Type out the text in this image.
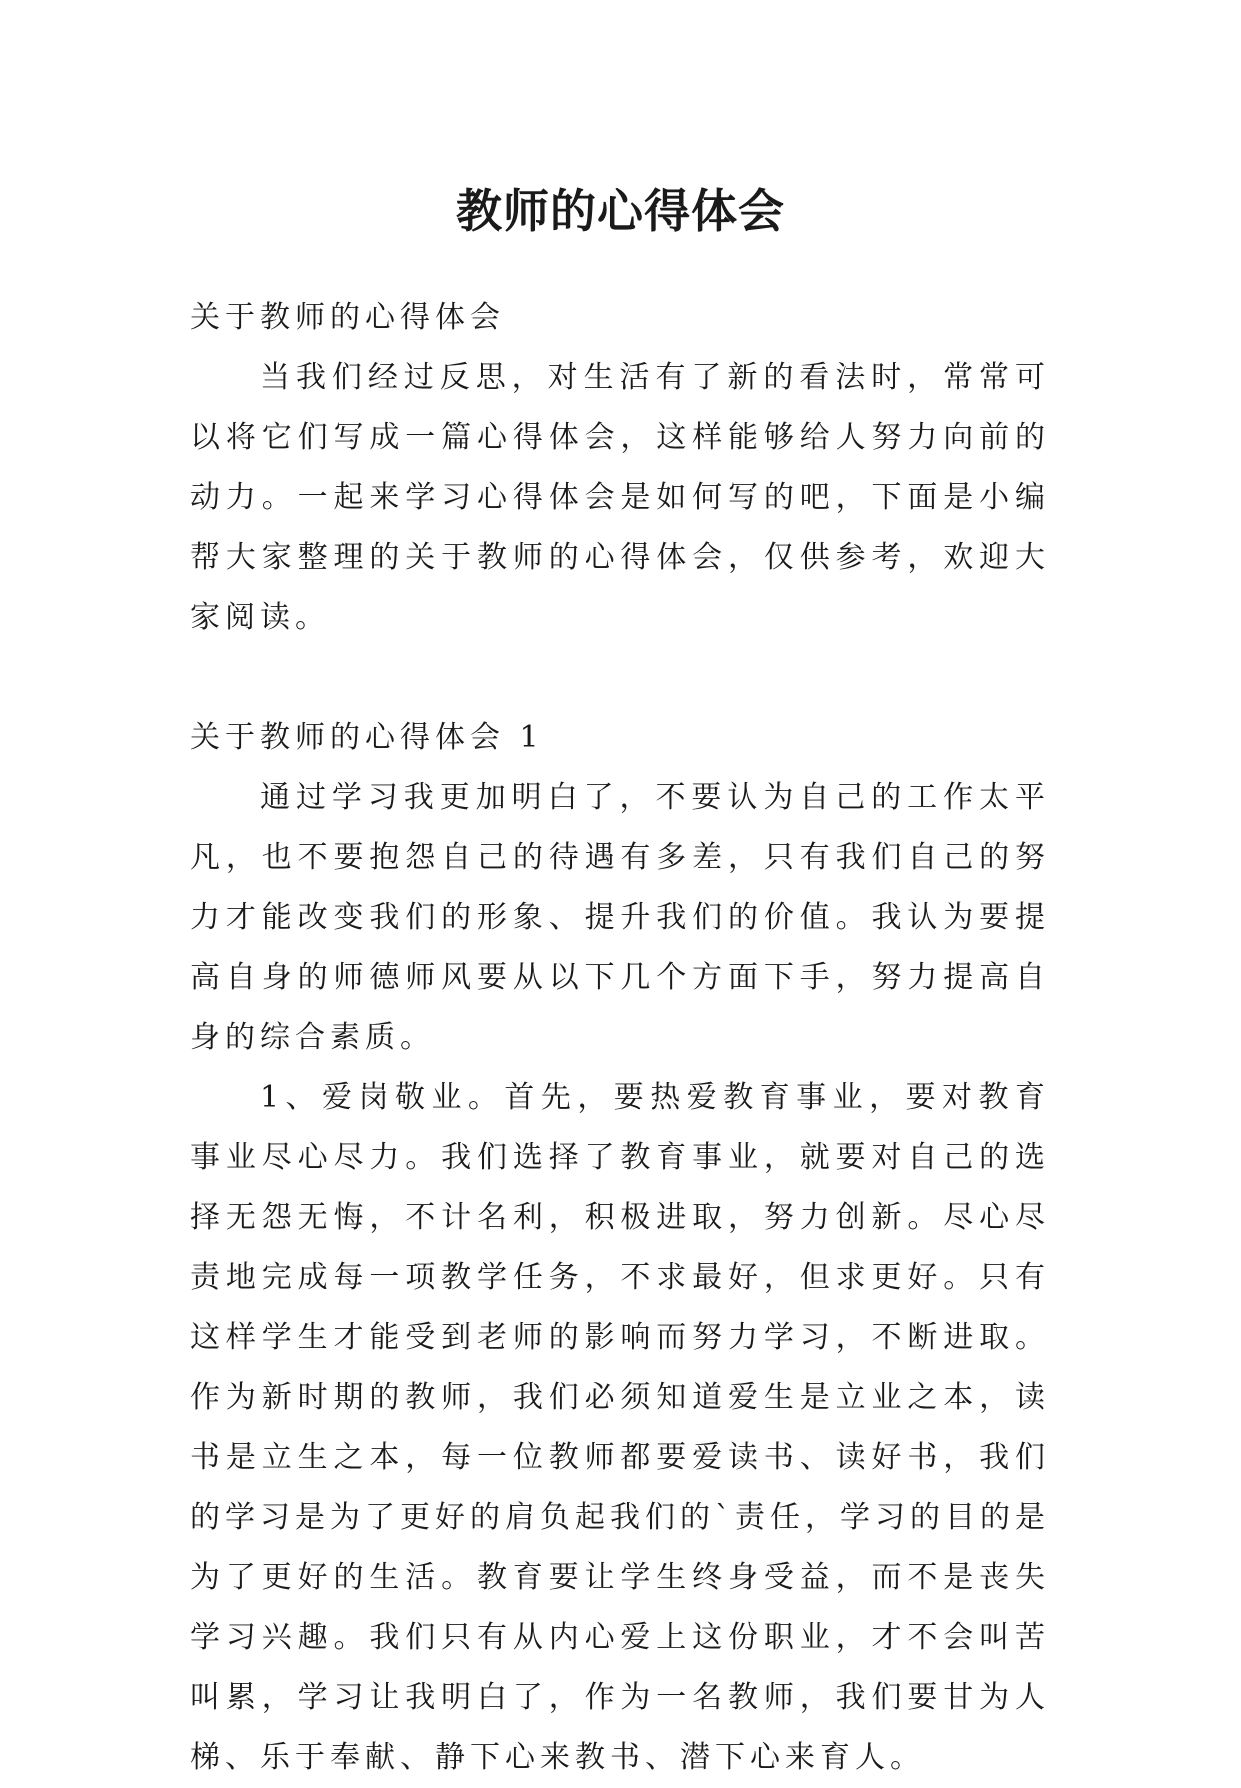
教师的心得体会

关于教师的心得体会

当我们经过反思，对生活有了新的看法时，常常可以将它们写成一篇心得体会，这样能够给人努力向前的动力。一起来学习心得体会是如何写的吧，下面是小编帮大家整理的关于教师的心得体会，仅供参考，欢迎大家阅读。

关于教师的心得体会 1

通过学习我更加明白了，不要认为自己的工作太平凡，也不要抱怨自己的待遇有多差，只有我们自己的努力才能改变我们的形象、提升我们的价值。我认为要提高自身的师德师风要从以下几个方面下手，努力提高自身的综合素质。

1、爱岗敬业。首先，要热爱教育事业，要对教育事业尽心尽力。我们选择了教育事业，就要对自己的选择无怨无悔，不计名利，积极进取，努力创新。尽心尽责地完成每一项教学任务，不求最好，但求更好。只有这样学生才能受到老师的影响而努力学习，不断进取。作为新时期的教师，我们必须知道爱生是立业之本，读书是立生之本，每一位教师都要爱读书、读好书，我们的学习是为了更好的肩负起我们的`责任，学习的目的是为了更好的生活。教育要让学生终身受益，而不是丧失学习兴趣。我们只有从内心爱上这份职业，才不会叫苦叫累，学习让我明白了，作为一名教师，我们要甘为人梯、乐于奉献、静下心来教书、潜下心来育人。
